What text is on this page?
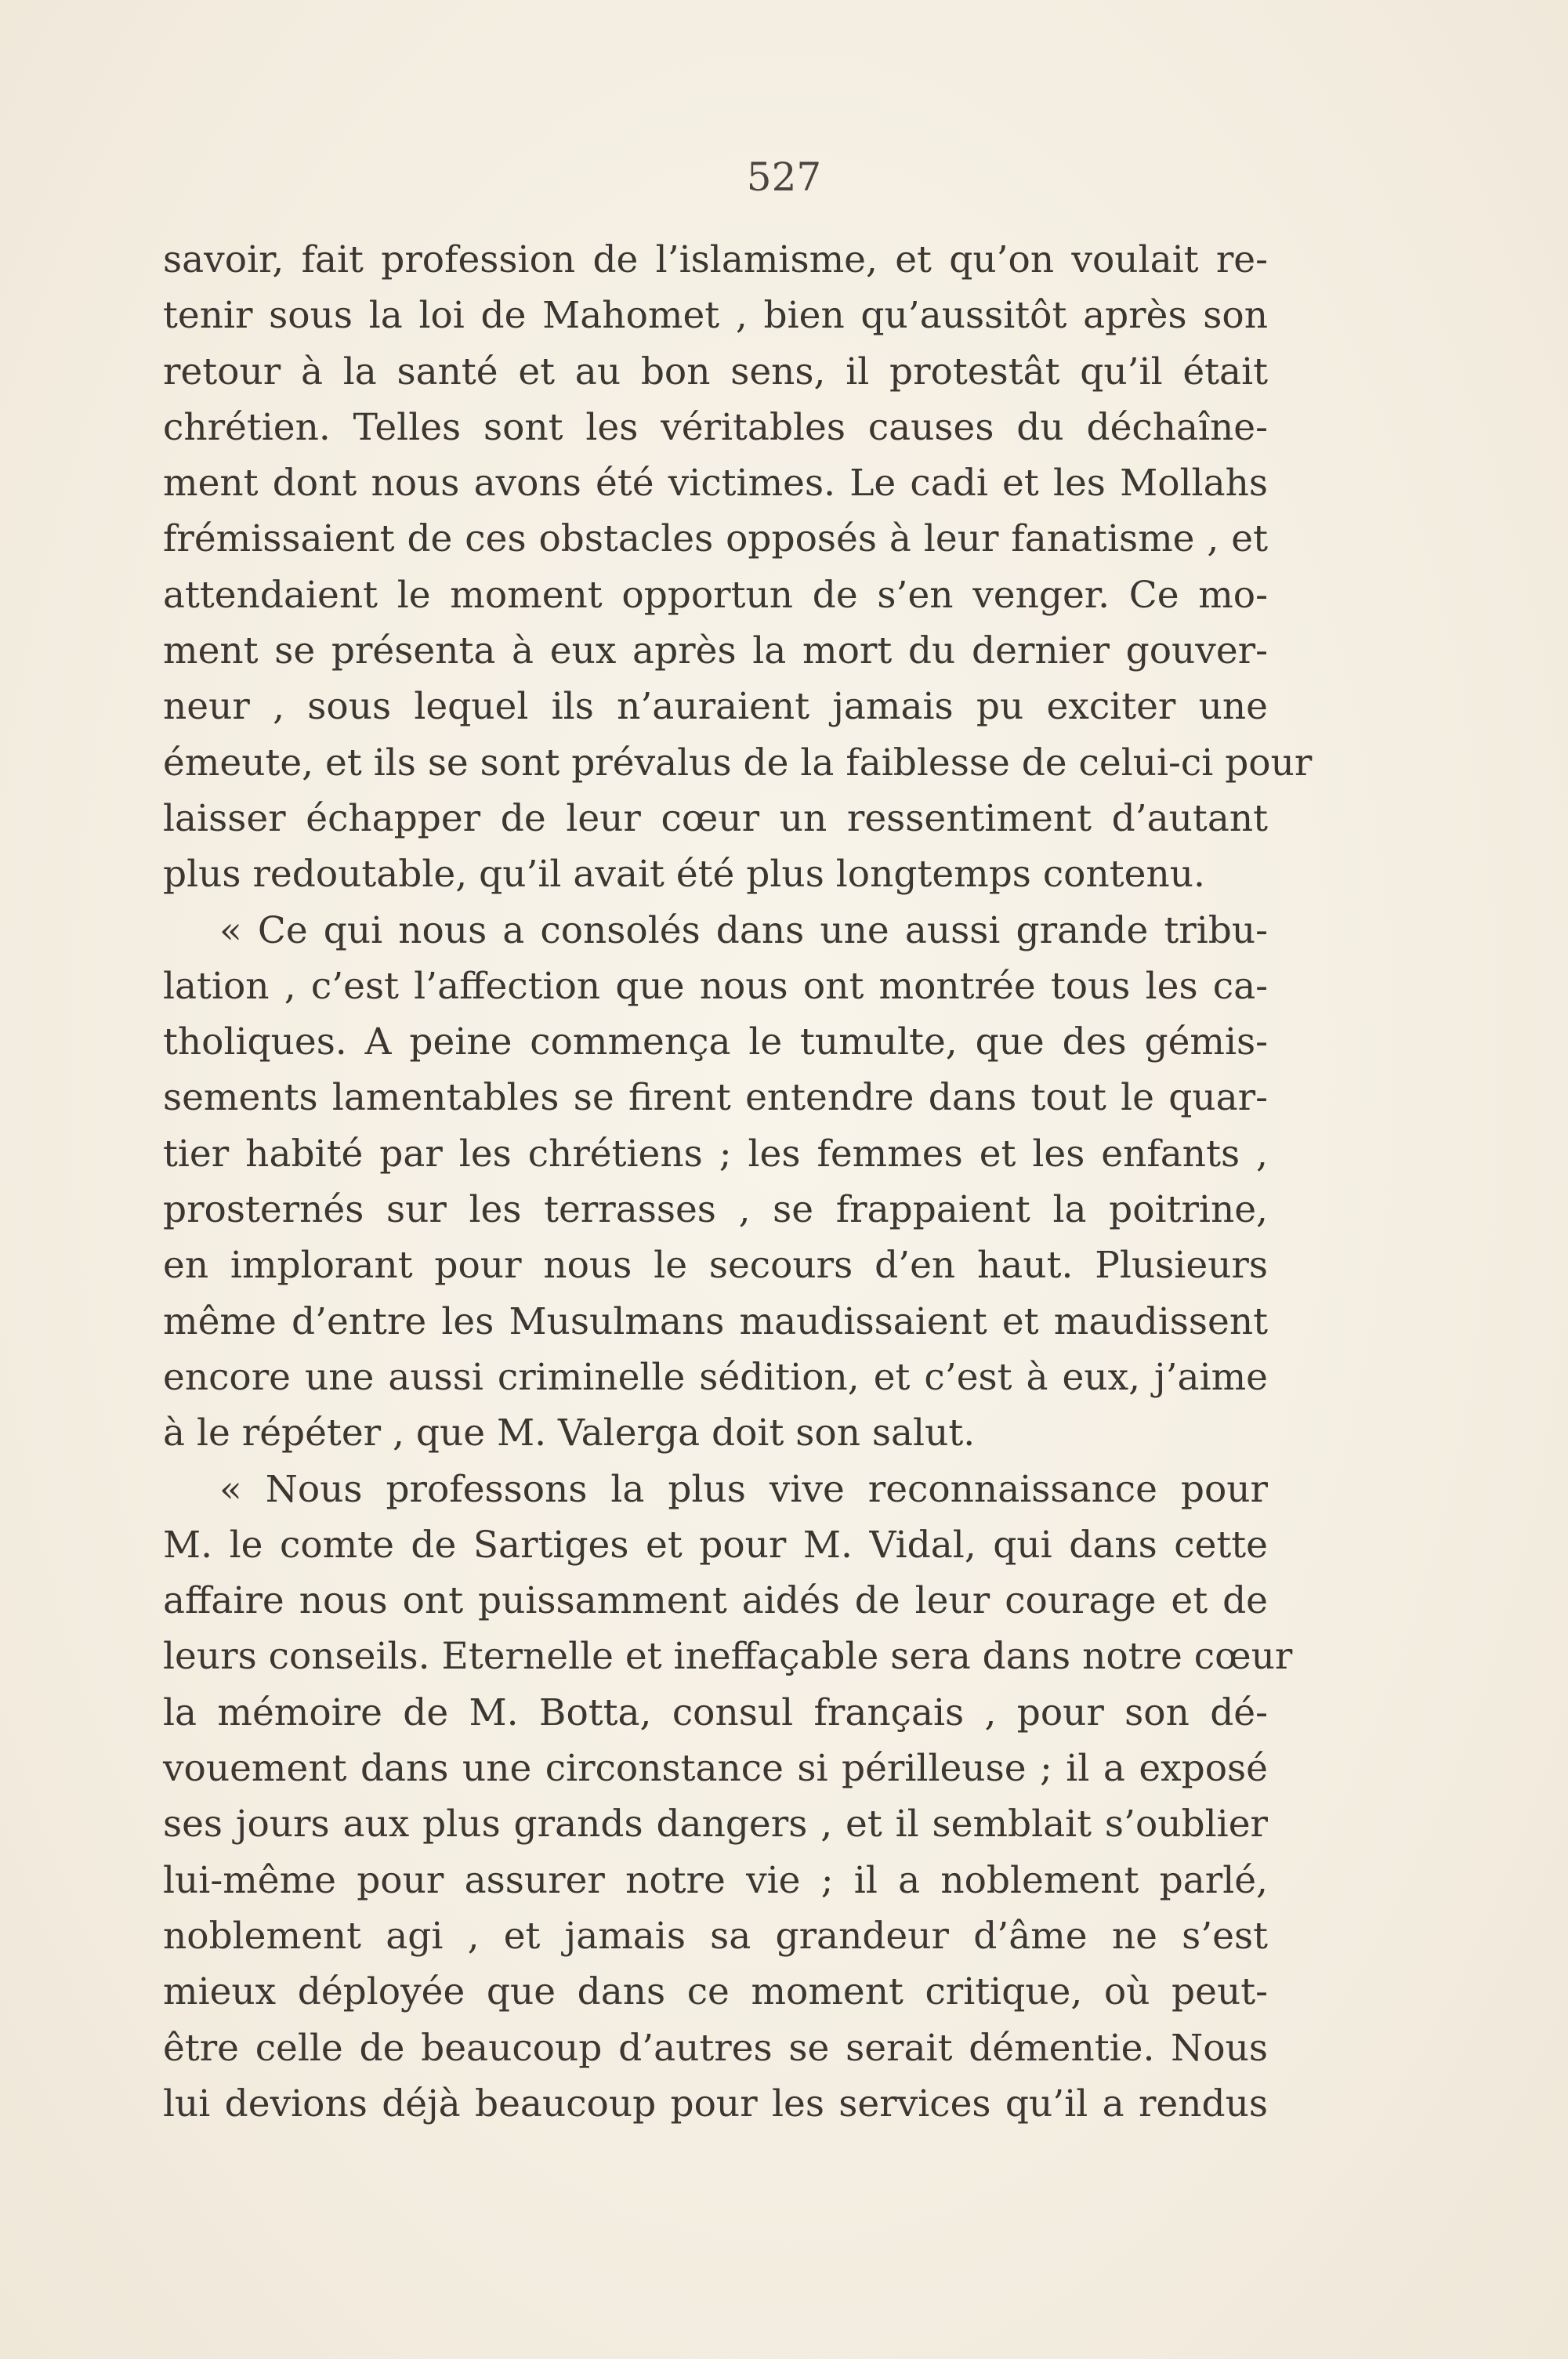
527

savoir, fait profession de l’islamisme, et qu’on voulait re-
tenir sous la loi de Mahomet , bien qu’aussitôt après son
retour à la santé et au bon sens, il protestât qu’il était
chrétien. Telles sont les véritables causes du déchaîne-
ment dont nous avons été victimes. Le cadi et les Mollahs
frémissaient de ces obstacles opposés à leur fanatisme , et
attendaient le moment opportun de s’en venger. Ce mo-
ment se présenta à eux après la mort du dernier gouver-
neur , sous lequel ils n’auraient jamais pu exciter une
émeute, et ils se sont prévalus de la faiblesse de celui-ci pour
laisser échapper de leur cœur un ressentiment d’autant
plus redoutable, qu’il avait été plus longtemps contenu.
« Ce qui nous a consolés dans une aussi grande tribu-
lation , c’est l’affection que nous ont montrée tous les ca-
tholiques. A peine commença le tumulte, que des gémis-
sements lamentables se firent entendre dans tout le quar-
tier habité par les chrétiens ; les femmes et les enfants ,
prosternés sur les terrasses , se frappaient la poitrine,
en implorant pour nous le secours d’en haut. Plusieurs
même d’entre les Musulmans maudissaient et maudissent
encore une aussi criminelle sédition, et c’est à eux, j’aime
à le répéter , que M. Valerga doit son salut.
« Nous professons la plus vive reconnaissance pour
M. le comte de Sartiges et pour M. Vidal, qui dans cette
affaire nous ont puissamment aidés de leur courage et de
leurs conseils. Eternelle et ineffaçable sera dans notre cœur
la mémoire de M. Botta, consul français , pour son dé-
vouement dans une circonstance si périlleuse ; il a exposé
ses jours aux plus grands dangers , et il semblait s’oublier
lui-même pour assurer notre vie ; il a noblement parlé,
noblement agi , et jamais sa grandeur d’âme ne s’est
mieux déployée que dans ce moment critique, où peut-
être celle de beaucoup d’autres se serait démentie. Nous
lui devions déjà beaucoup pour les services qu’il a rendus
